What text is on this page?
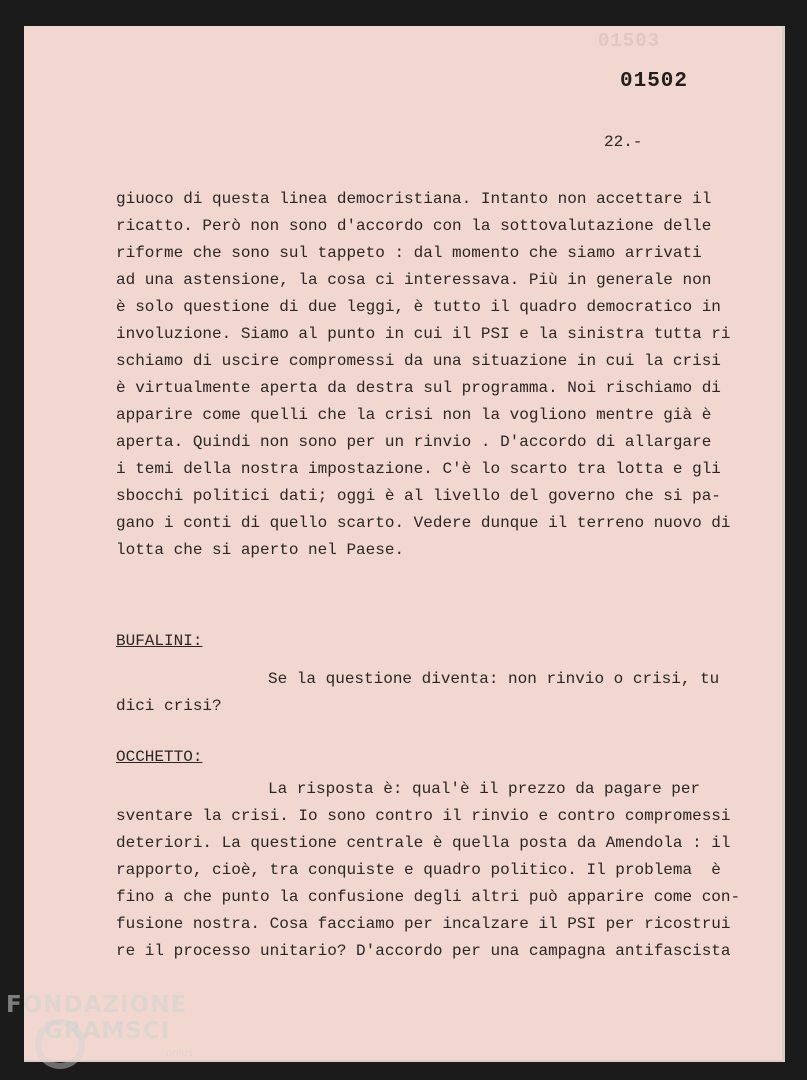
01503
01502
22.-
giuoco di questa linea democristiana. Intanto non accettare il
ricatto. Però non sono d'accordo con la sottovalutazione delle
riforme che sono sul tappeto : dal momento che siamo arrivati
ad una astensione, la cosa ci interessava. Più in generale non
è solo questione di due leggi, è tutto il quadro democratico in
involuzione. Siamo al punto in cui il PSI e la sinistra tutta ri
schiamo di uscire compromessi da una situazione in cui la crisi
è virtualmente aperta da destra sul programma. Noi rischiamo di
apparire come quelli che la crisi non la vogliono mentre già è
aperta. Quindi non sono per un rinvio . D'accordo di allargare
i temi della nostra impostazione. C'è lo scarto tra lotta e gli
sbocchi politici dati; oggi è al livello del governo che si pa-
gano i conti di quello scarto. Vedere dunque il terreno nuovo di
lotta che si aperto nel Paese.
BUFALINI:
Se la questione diventa: non rinvio o crisi, tu
dici crisi?
OCCHETTO:
La risposta è: qual'è il prezzo da pagare per
sventare la crisi. Io sono contro il rinvio e contro compromessi
deteriori. La questione centrale è quella posta da Amendola : il
rapporto, cioè, tra conquiste e quadro politico. Il problema  è
fino a che punto la confusione degli altri può apparire come con-
fusione nostra. Cosa facciamo per incalzare il PSI per ricostrui
re il processo unitario? D'accordo per una campagna antifascista
FONDAZIONE
GRAMSCI
onlus
